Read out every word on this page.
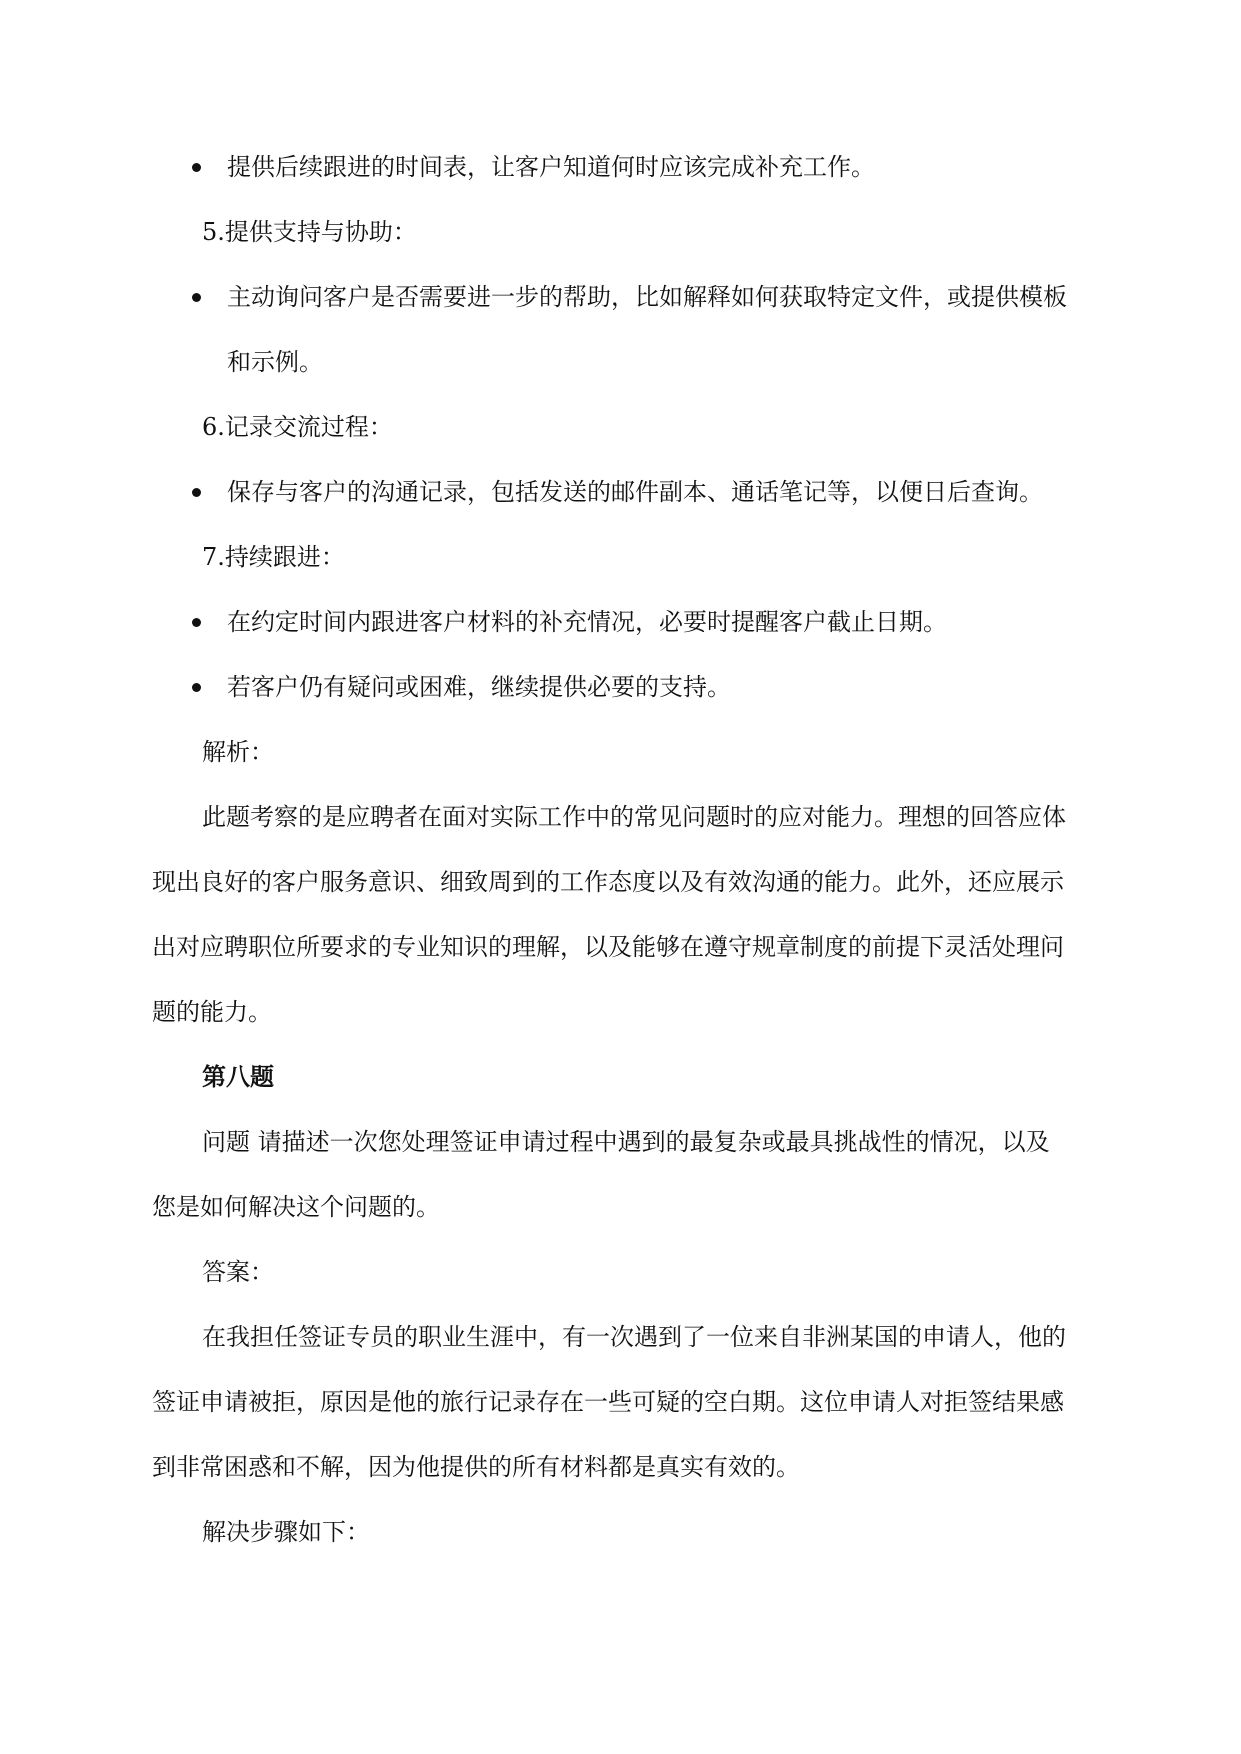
提供后续跟进的时间表，让客户知道何时应该完成补充工作。
5.提供支持与协助：
主动询问客户是否需要进一步的帮助，比如解释如何获取特定文件，或提供模板
和示例。
6.记录交流过程：
保存与客户的沟通记录，包括发送的邮件副本、通话笔记等，以便日后查询。
7.持续跟进：
在约定时间内跟进客户材料的补充情况，必要时提醒客户截止日期。
若客户仍有疑问或困难，继续提供必要的支持。
解析：
此题考察的是应聘者在面对实际工作中的常见问题时的应对能力。理想的回答应体
现出良好的客户服务意识、细致周到的工作态度以及有效沟通的能力。此外，还应展示
出对应聘职位所要求的专业知识的理解，以及能够在遵守规章制度的前提下灵活处理问
题的能力。
第八题
问题 请描述一次您处理签证申请过程中遇到的最复杂或最具挑战性的情况，以及
您是如何解决这个问题的。
答案：
在我担任签证专员的职业生涯中，有一次遇到了一位来自非洲某国的申请人，他的
签证申请被拒，原因是他的旅行记录存在一些可疑的空白期。这位申请人对拒签结果感
到非常困惑和不解，因为他提供的所有材料都是真实有效的。
解决步骤如下：
